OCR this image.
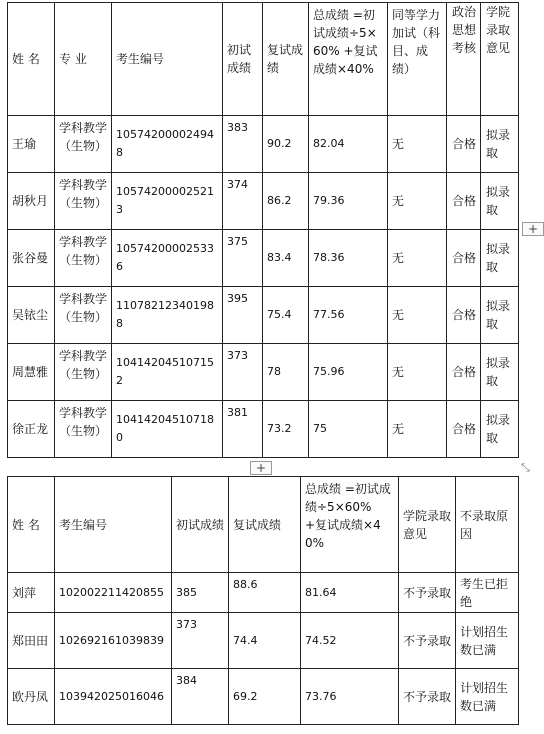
姓 名	专 业	考生编号	初试成绩	复试成绩	总成绩 =初试成绩÷5×60% +复试成绩×40%	同等学力加试（科目、成绩）	政治思想考核	学院录取意见
王瑜	学科教学（生物）	105742000024948	383	90.2	82.04	无	合格	拟录取
胡秋月	学科教学（生物）	105742000025213	374	86.2	79.36	无	合格	拟录取
张谷曼	学科教学（生物）	105742000025336	375	83.4	78.36	无	合格	拟录取
吴铱尘	学科教学（生物）	110782123401988	395	75.4	77.56	无	合格	拟录取
周慧雅	学科教学（生物）	104142045107152	373	78	75.96	无	合格	拟录取
徐正龙	学科教学（生物）	104142045107180	381	73.2	75	无	合格	拟录取
+
+	⤡
姓 名	考生编号	初试成绩	复试成绩	总成绩 =初试成绩÷5×60% +复试成绩×40%	学院录取意见	不录取原因
刘萍	102002211420855	385	88.6	81.64	不予录取	考生已拒绝
郑田田	102692161039839	373	74.4	74.52	不予录取	计划招生数已满
欧丹凤	103942025016046	384	69.2	73.76	不予录取	计划招生数已满
